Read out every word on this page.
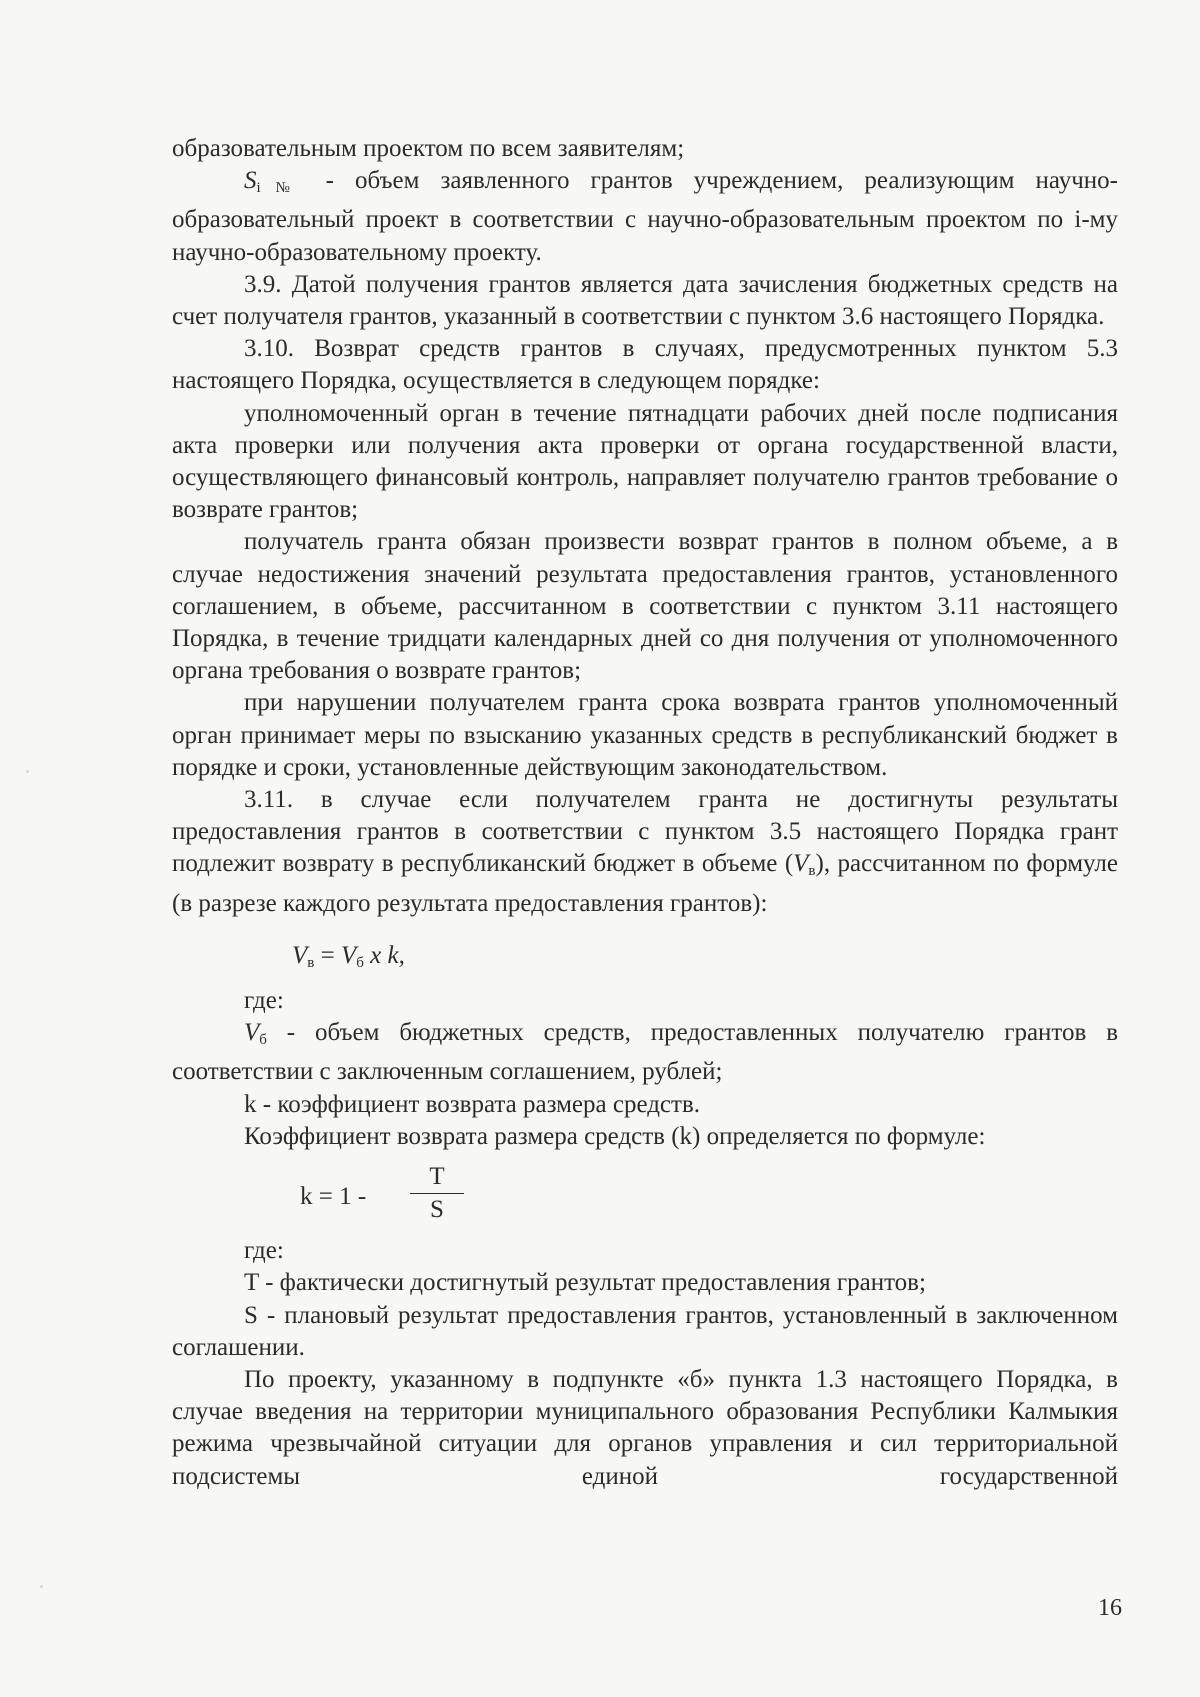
образовательным проектом по всем заявителям;

$S_{i№}$ - объем заявленного грантов учреждением, реализующим научно-образовательный проект в соответствии с научно-образовательным проектом по i-му научно-образовательному проекту.

3.9. Датой получения грантов является дата зачисления бюджетных средств на счет получателя грантов, указанный в соответствии с пунктом 3.6 настоящего Порядка.

3.10. Возврат средств грантов в случаях, предусмотренных пунктом 5.3 настоящего Порядка, осуществляется в следующем порядке:

уполномоченный орган в течение пятнадцати рабочих дней после подписания акта проверки или получения акта проверки от органа государственной власти, осуществляющего финансовый контроль, направляет получателю грантов требование о возврате грантов;

получатель гранта обязан произвести возврат грантов в полном объеме, а в случае недостижения значений результата предоставления грантов, установленного соглашением, в объеме, рассчитанном в соответствии с пунктом 3.11 настоящего Порядка, в течение тридцати календарных дней со дня получения от уполномоченного органа требования о возврате грантов;

при нарушении получателем гранта срока возврата грантов уполномоченный орган принимает меры по взысканию указанных средств в республиканский бюджет в порядке и сроки, установленные действующим законодательством.

3.11. в случае если получателем гранта не достигнуты результаты предоставления грантов в соответствии с пунктом 3.5 настоящего Порядка грант подлежит возврату в республиканский бюджет в объеме $(V_в)$, рассчитанном по формуле (в разрезе каждого результата предоставления грантов):

$V_в = V_б$ x k,

где:

$V_б$ - объем бюджетных средств, предоставленных получателю грантов в соответствии с заключенным соглашением, рублей;

k - коэффициент возврата размера средств.

Коэффициент возврата размера средств (k) определяется по формуле:

k = 1 -
T
S

где:

T - фактически достигнутый результат предоставления грантов;

S - плановый результат предоставления грантов, установленный в заключенном соглашении.

По проекту, указанному в подпункте «б» пункта 1.3 настоящего Порядка, в случае введения на территории муниципального образования Республики Калмыкия режима чрезвычайной ситуации для органов управления и сил территориальной подсистемы единой государственной

16
